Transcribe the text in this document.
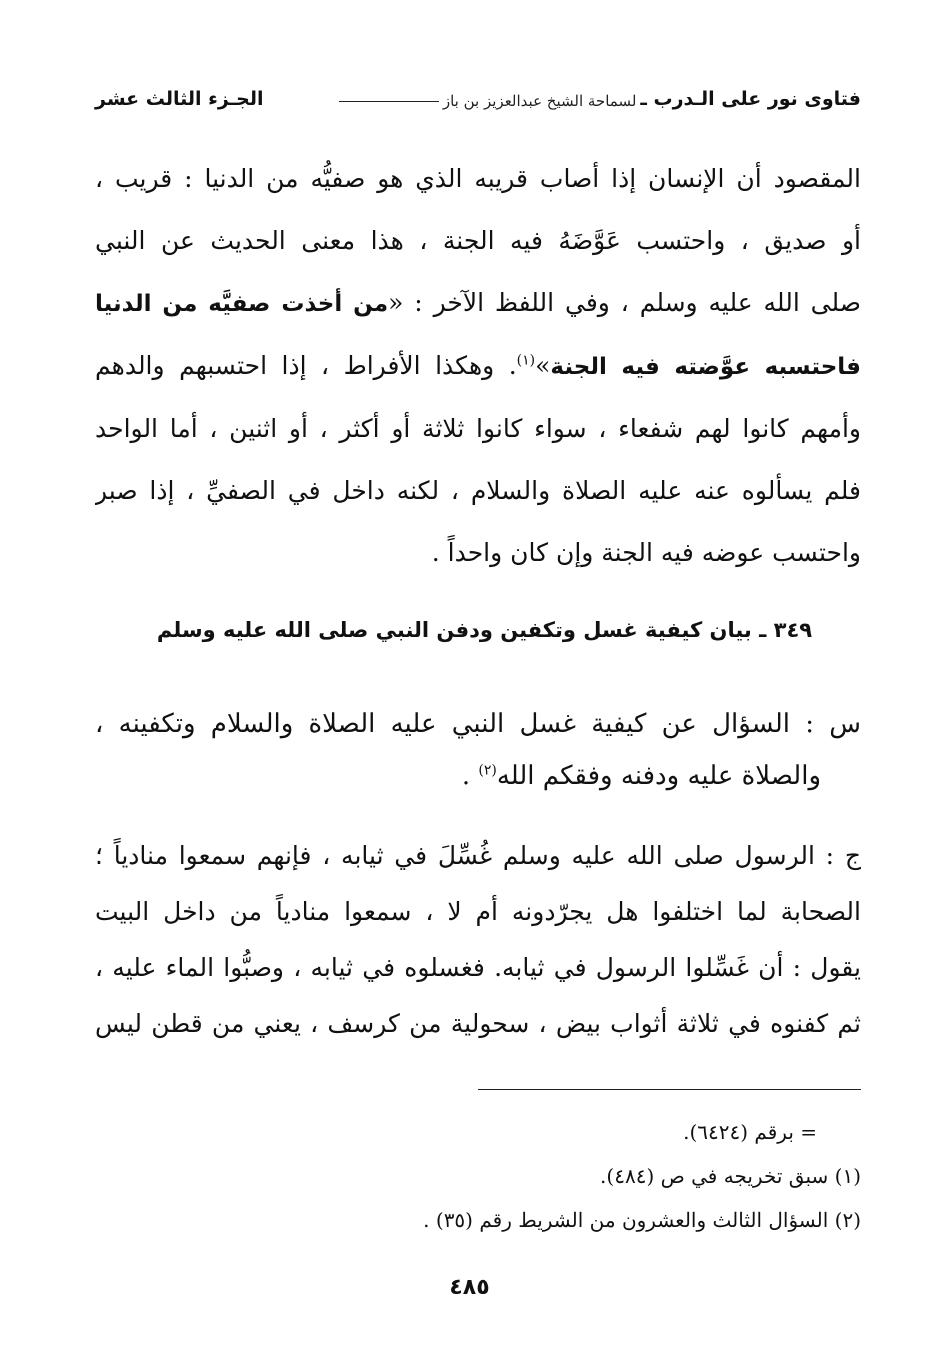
فتاوى نور على الـدرب ـ
لسماحة الشيخ عبدالعزيز بن باز
الجـزء الثالث عشر
المقصود أن الإنسان إذا أصاب قريبه الذي هو صفيُّه من الدنيا : قريب ،
أو صديق ، واحتسب عَوَّضَهُ فيه الجنة ، هذا معنى الحديث عن النبي
صلى الله عليه وسلم ، وفي اللفظ الآخر : «من أخذت صفيَّه من الدنيا
فاحتسبه عوَّضته فيه الجنة»$^{(١)}$. وهكذا الأفراط ، إذا احتسبهم والدهم
وأمهم كانوا لهم شفعاء ، سواء كانوا ثلاثة أو أكثر ، أو اثنين ، أما الواحد
فلم يسألوه عنه عليه الصلاة والسلام ، لكنه داخل في الصفيِّ ، إذا صبر
واحتسب عوضه فيه الجنة وإن كان واحداً .
٣٤٩ ـ بيان كيفية غسل وتكفين ودفن النبي صلى الله عليه وسلم
س : السؤال عن كيفية غسل النبي عليه الصلاة والسلام وتكفينه ،
والصلاة عليه ودفنه وفقكم الله$^{(٢)}$ .
ج : الرسول صلى الله عليه وسلم غُسِّلَ في ثيابه ، فإنهم سمعوا منادياً ؛
الصحابة لما اختلفوا هل يجرّدونه أم لا ، سمعوا منادياً من داخل البيت
يقول : أن غَسِّلوا الرسول في ثيابه. فغسلوه في ثيابه ، وصبُّوا الماء عليه ،
ثم كفنوه في ثلاثة أثواب بيض ، سحولية من كرسف ، يعني من قطن ليس
= برقم (٦٤٢٤).
(١) سبق تخريجه في ص (٤٨٤).
(٢) السؤال الثالث والعشرون من الشريط رقم (٣٥) .
٤٨٥
